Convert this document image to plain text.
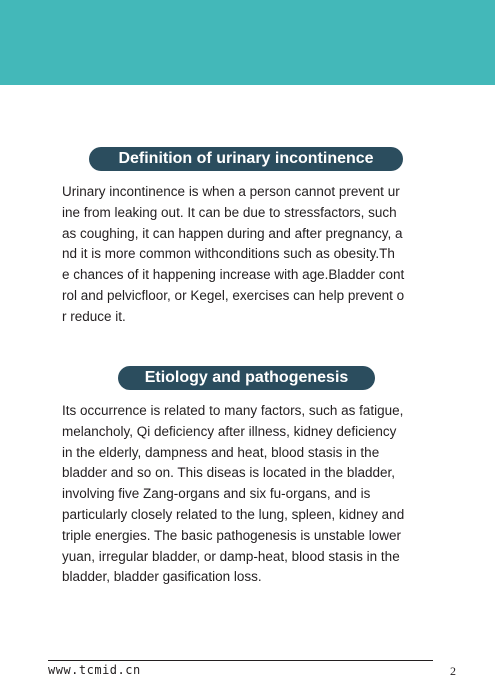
Definition of urinary incontinence
Urinary incontinence is when a person cannot prevent ur
ine from leaking out. It can be due to stressfactors, such
as coughing, it can happen during and after pregnancy, a
nd it is more common withconditions such as obesity.Th
e chances of it happening increase with age.Bladder cont
rol and pelvicfloor, or Kegel, exercises can help prevent o
r reduce it.
Etiology and pathogenesis
Its occurrence is related to many factors, such as fatigue,
melancholy, Qi deficiency after illness, kidney deficiency
in the elderly, dampness and heat, blood stasis in the
bladder and so on. This diseas is located in the bladder,
involving five Zang-organs and six fu-organs, and is
particularly closely related to the lung, spleen, kidney and
triple energies. The basic pathogenesis is unstable lower
yuan, irregular bladder, or damp-heat, blood stasis in the
bladder, bladder gasification loss.
www.tcmid.cn	2
